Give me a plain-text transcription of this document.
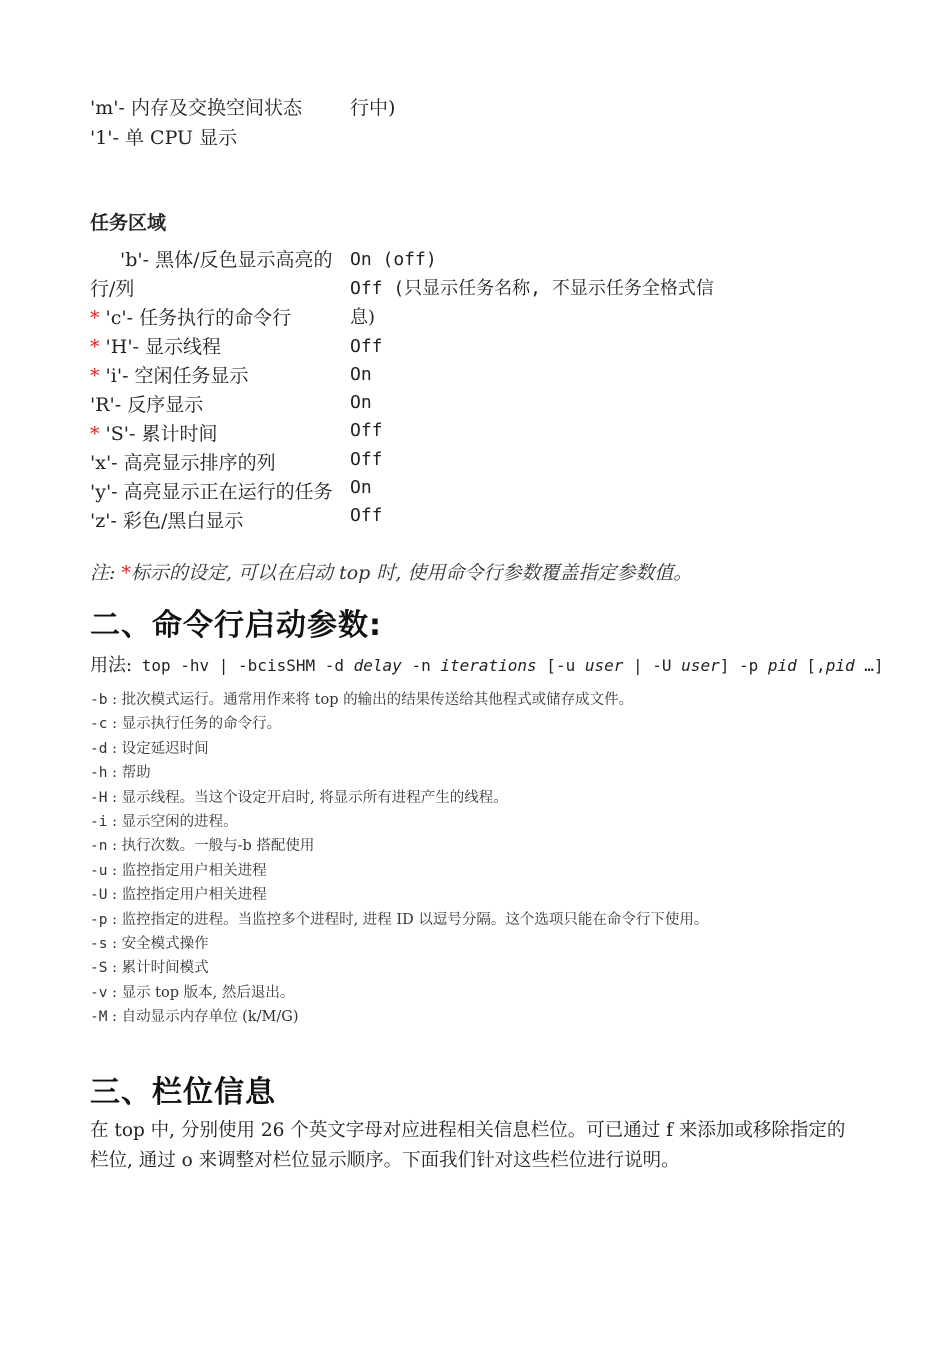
'm'- 内存及交换空间状态	行中)
'1'- 单 CPU 显示
任务区域
'b'- 黑体/反色显示高亮的
行/列
* 'c'- 任务执行的命令行
* 'H'- 显示线程
* 'i'- 空闲任务显示
'R'- 反序显示
* 'S'- 累计时间
'x'- 高亮显示排序的列
'y'- 高亮显示正在运行的任务
'z'- 彩色/黑白显示
On (off)
Off (只显示任务名称, 不显示任务全格式信
息)
Off
On
On
Off
Off
On
Off
注: *标示的设定, 可以在启动 top 时, 使用命令行参数覆盖指定参数值。
二、命令行启动参数:
用法: top -hv | -bcisSHM -d delay -n iterations [-u user | -U user] -p pid [,pid …]
-b : 批次模式运行。通常用作来将 top 的输出的结果传送给其他程式或储存成文件。
-c : 显示执行任务的命令行。
-d : 设定延迟时间
-h : 帮助
-H : 显示线程。当这个设定开启时, 将显示所有进程产生的线程。
-i : 显示空闲的进程。
-n : 执行次数。一般与-b 搭配使用
-u : 监控指定用户相关进程
-U : 监控指定用户相关进程
-p : 监控指定的进程。当监控多个进程时, 进程 ID 以逗号分隔。这个选项只能在命令行下使用。
-s : 安全模式操作
-S : 累计时间模式
-v : 显示 top 版本, 然后退出。
-M : 自动显示内存单位 (k/M/G)
三、栏位信息
在 top 中, 分别使用 26 个英文字母对应进程相关信息栏位。可已通过 f 来添加或移除指定的栏位, 通过 o 来调整对栏位显示顺序。下面我们针对这些栏位进行说明。
